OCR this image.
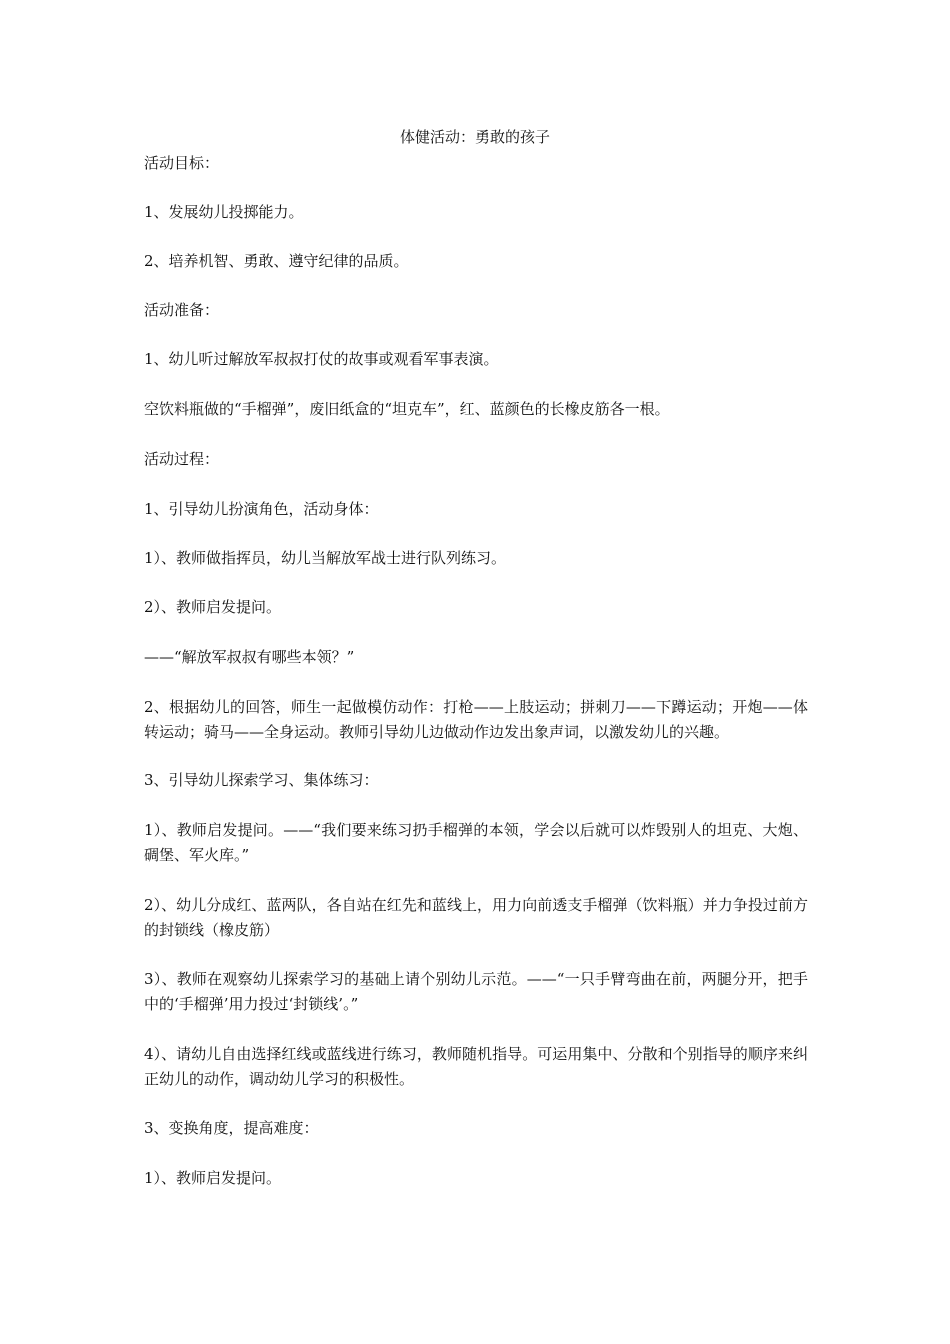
体健活动：勇敢的孩子
活动目标：
1、发展幼儿投掷能力。
2、培养机智、勇敢、遵守纪律的品质。
活动准备：
1、幼儿听过解放军叔叔打仗的故事或观看军事表演。
空饮料瓶做的“手榴弹”，废旧纸盒的“坦克车”，红、蓝颜色的长橡皮筋各一根。
活动过程：
1、引导幼儿扮演角色，活动身体：
1）、教师做指挥员，幼儿当解放军战士进行队列练习。
2）、教师启发提问。
——“解放军叔叔有哪些本领？”
2、根据幼儿的回答，师生一起做模仿动作：打枪——上肢运动；拼刺刀——下蹲运动；开炮——体转运动；骑马——全身运动。教师引导幼儿边做动作边发出象声词，以激发幼儿的兴趣。
3、引导幼儿探索学习、集体练习：
1）、教师启发提问。——“我们要来练习扔手榴弹的本领，学会以后就可以炸毁别人的坦克、大炮、碉堡、军火库。”
2）、幼儿分成红、蓝两队，各自站在红先和蓝线上，用力向前透支手榴弹（饮料瓶）并力争投过前方的封锁线（橡皮筋）
3）、教师在观察幼儿探索学习的基础上请个别幼儿示范。——“一只手臂弯曲在前，两腿分开，把手中的‘手榴弹’用力投过‘封锁线’。”
4）、请幼儿自由选择红线或蓝线进行练习，教师随机指导。可运用集中、分散和个别指导的顺序来纠正幼儿的动作，调动幼儿学习的积极性。
3、变换角度，提高难度：
1）、教师启发提问。
